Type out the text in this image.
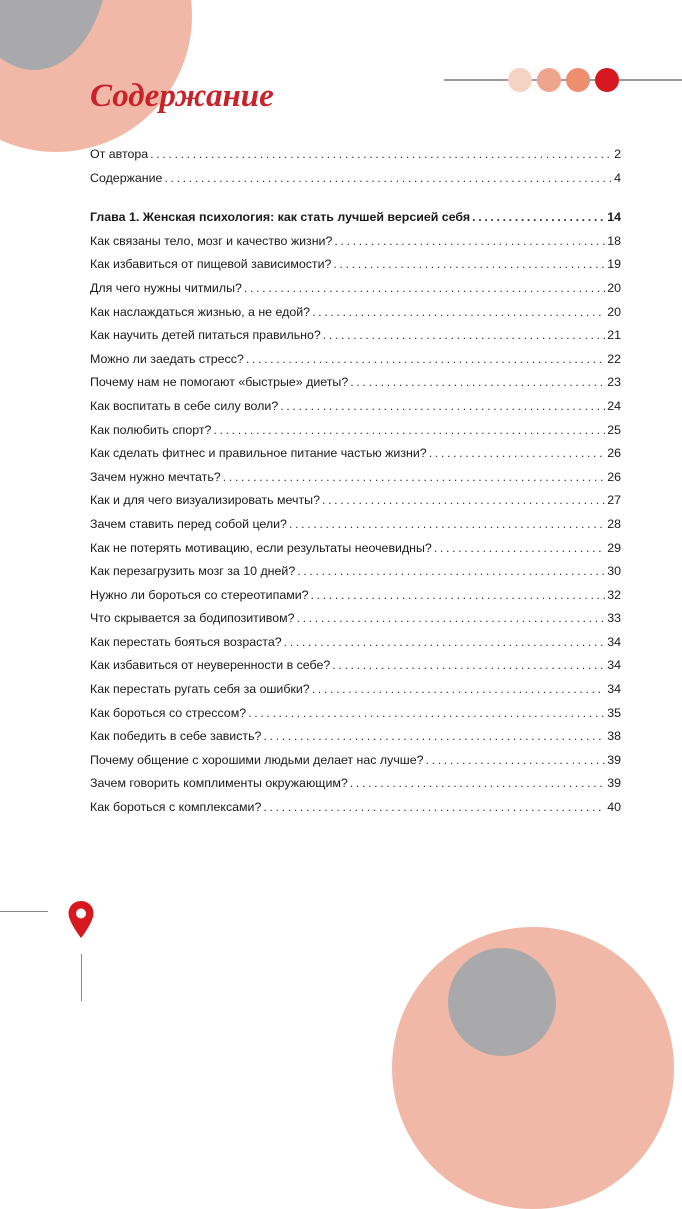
Содержание
От автора . . .	2
Содержание . . .	4
Глава 1. Женская психология: как стать лучшей версией себя . . .	14
Как связаны тело, мозг и качество жизни? . . .	18
Как избавиться от пищевой зависимости? . . .	19
Для чего нужны читмилы? . . .	20
Как наслаждаться жизнью, а не едой? . . .	20
Как научить детей питаться правильно? . . .	21
Можно ли заедать стресс? . . .	22
Почему нам не помогают «быстрые» диеты? . . .	23
Как воспитать в себе силу воли? . . .	24
Как полюбить спорт? . . .	25
Как сделать фитнес и правильное питание частью жизни? . . .	26
Зачем нужно мечтать? . . .	26
Как и для чего визуализировать мечты? . . .	27
Зачем ставить перед собой цели? . . .	28
Как не потерять мотивацию, если результаты неочевидны? . . .	29
Как перезагрузить мозг за 10 дней? . . .	30
Нужно ли бороться со стереотипами? . . .	32
Что скрывается за бодипозитивом? . . .	33
Как перестать бояться возраста? . . .	34
Как избавиться от неуверенности в себе? . . .	34
Как перестать ругать себя за ошибки? . . .	34
Как бороться со стрессом? . . .	35
Как победить в себе зависть? . . .	38
Почему общение с хорошими людьми делает нас лучше? . . .	39
Зачем говорить комплименты окружающим? . . .	39
Как бороться с комплексами? . . .	40
